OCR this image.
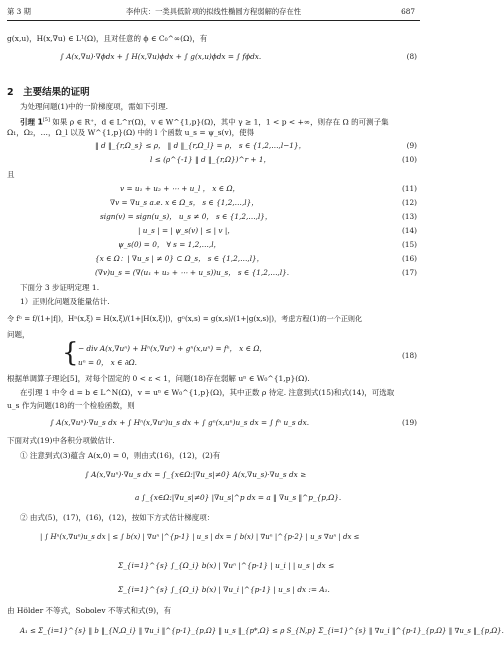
第 3 期	李仲庆：一类具低阶项的拟线性椭圆方程弱解的存在性	687
g(x,u)，H(x,∇u) ∈ L¹(Ω)，且对任意的 ϕ ∈ C₀^∞(Ω)，有
∫ A(x,∇u)·∇ϕdx + ∫ H(x,∇u)ϕdx + ∫ g(x,u)ϕdx = ∫ fϕdx.	(8)
2　主要结果的证明
为处理问题(1)中的一阶梯度项，需如下引理.
引理 1[5] 如果 ρ ∈ R⁺，d ∈ L^r(Ω)，v ∈ W^{1,p}(Ω)，其中 γ ≥ 1，1 < p < +∞，则存在 Ω 的可测子集
Ω₁，Ω₂，…，Ω_l 以及 W^{1,p}(Ω) 中的 l 个函数 u_s = ψ_s(v)，使得
‖ d ‖_{r,Ω_s} ≤ ρ， ‖ d ‖_{r,Ω_l} = ρ， s ∈ {1,2,…,l−1}，	(9)
l ≤ (ρ^{-1} ‖ d ‖_{r,Ω})^r + 1，	(10)
且
v = u₁ + u₂ + ⋯ + u_l ， x ∈ Ω，	(11)
∇v = ∇u_s a.e. x ∈ Ω_s， s ∈ {1,2,…,l}，	(12)
sign(v) = sign(u_s)， u_s ≠ 0， s ∈ {1,2,…,l}，	(13)
| u_s | = | ψ_s(v) | ≤ | v |，	(14)
ψ_s(0) = 0， ∀ s = 1,2,…,l，	(15)
{x ∈ Ω：| ∇u_s | ≠ 0} ⊂ Ω_s， s ∈ {1,2,…,l}，	(16)
(∇v)u_s = (∇(u₁ + u₂ + ⋯ + u_s))u_s， s ∈ {1,2,…,l}.	(17)
下面分 3 步证明定理 1.
1）正则化问题及能量估计.
令 fⁿ = f/(1+|f|)，Hⁿ(x,ξ) = H(x,ξ)/(1+|H(x,ξ)|)，gⁿ(x,s) = g(x,s)/(1+|g(x,s)|)，考虑方程(1)的一个正则化
问题，
{ − div A(x,∇uⁿ) + Hⁿ(x,∇uⁿ) + gⁿ(x,uⁿ) = fⁿ， x ∈ Ω，
uⁿ = 0， x ∈ ∂Ω.
(18)
根据单调算子理论[5]，对每个固定的 0 < ε < 1，问题(18)存在弱解 uⁿ ∈ W₀^{1,p}(Ω).
在引理 1 中令 d = b ∈ L^N(Ω)，v = uⁿ ∈ W₀^{1,p}(Ω)，其中正数 ρ 待定. 注意到式(15)和式(14)，可选取
u_s 作为问题(18)的一个检验函数，则
∫ A(x,∇uⁿ)·∇u_s dx + ∫ Hⁿ(x,∇uⁿ)u_s dx + ∫ gⁿ(x,uⁿ)u_s dx = ∫ fⁿ u_s dx.	(19)
下面对式(19)中各积分项做估计.
① 注意到式(3)蕴含 A(x,0) = 0，则由式(16)，(12)，(2)有
∫ A(x,∇uⁿ)·∇u_s dx = ∫_{x∈Ω:|∇u_s|≠0} A(x,∇u_s)·∇u_s dx ≥
a ∫_{x∈Ω:|∇u_s|≠0} |∇u_s|^p dx = a ‖ ∇u_s ‖^p_{p,Ω}.
② 由式(5)，(17)，(16)，(12)，按如下方式估计梯度项：
| ∫ Hⁿ(x,∇uⁿ)u_s dx | ≤ ∫ b(x) | ∇uⁿ |^{p-1} | u_s | dx = ∫ b(x) | ∇uⁿ |^{p-2} | u_s ∇uⁿ | dx ≤
Σ_{i=1}^{s} ∫_{Ω_i} b(x) | ∇uⁿ |^{p-1} | u_i | | u_s | dx ≤
Σ_{i=1}^{s} ∫_{Ω_i} b(x) | ∇u_i |^{p-1} | u_s | dx := A₁.
由 Hölder 不等式，Sobolev 不等式和式(9)，有
A₁ ≤ Σ_{i=1}^{s} ‖ b ‖_{N,Ω_i} ‖ ∇u_i ‖^{p-1}_{p,Ω} ‖ u_s ‖_{p*,Ω} ≤ ρ S_{N,p} Σ_{i=1}^{s} ‖ ∇u_i ‖^{p-1}_{p,Ω} ‖ ∇u_s ‖_{p,Ω}.
